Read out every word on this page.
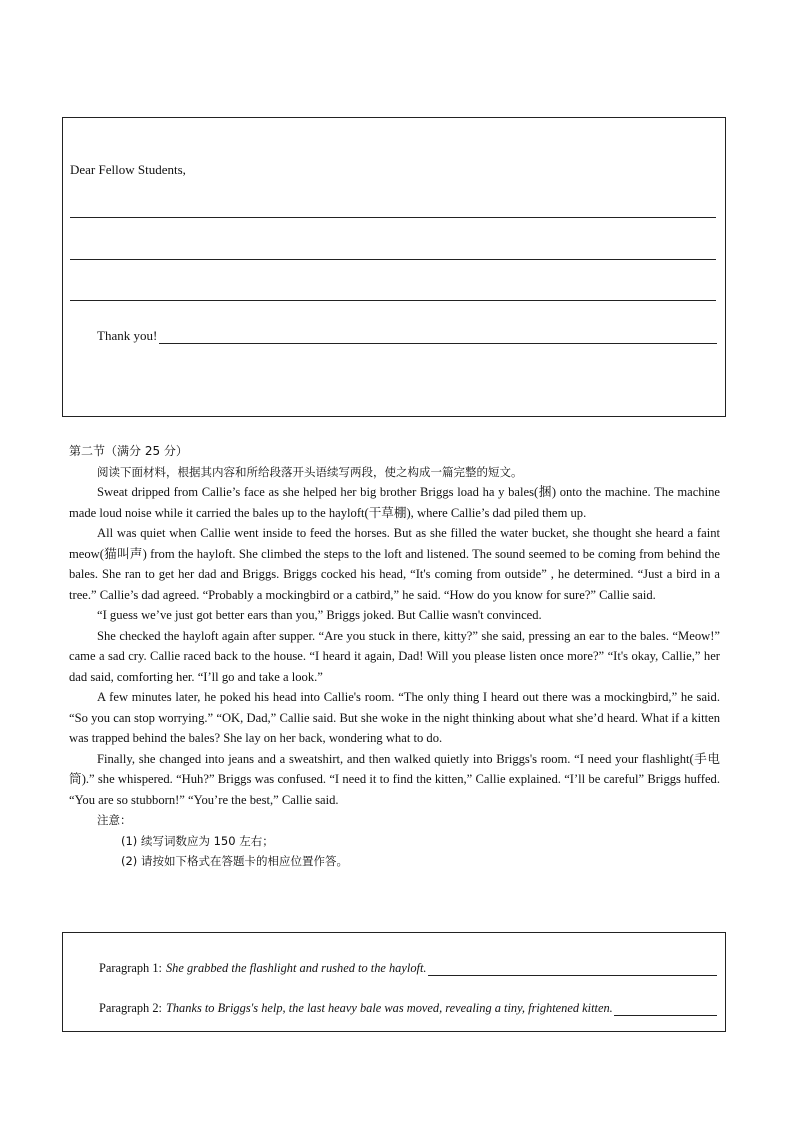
Dear Fellow Students,
Thank you!
第二节（满分 25 分）

阅读下面材料，根据其内容和所给段落开头语续写两段，使之构成一篇完整的短文。

Sweat dripped from Callie’s face as she helped her big brother Briggs load ha y bales(捆) onto the machine. The machine made loud noise while it carried the bales up to the hayloft(干草棚), where Callie’s dad piled them up.

All was quiet when Callie went inside to feed the horses. But as she filled the water bucket, she thought she heard a faint meow(猫叫声) from the hayloft. She climbed the steps to the loft and listened. The sound seemed to be coming from behind the bales. She ran to get her dad and Briggs. Briggs cocked his head, “It's coming from outside” , he determined. “Just a bird in a tree.” Callie’s dad agreed. “Probably a mockingbird or a catbird,” he said. “How do you know for sure?” Callie said.

“I guess we’ve just got better ears than you,” Briggs joked. But Callie wasn't convinced.

She checked the hayloft again after supper. “Are you stuck in there, kitty?” she said, pressing an ear to the bales. “Meow!” came a sad cry. Callie raced back to the house. “I heard it again, Dad! Will you please listen once more?” “It's okay, Callie,” her dad said, comforting her. “I’ll go and take a look.”

A few minutes later, he poked his head into Callie's room. “The only thing I heard out there was a mockingbird,” he said. “So you can stop worrying.” “OK, Dad,” Callie said. But she woke in the night thinking about what she’d heard. What if a kitten was trapped behind the bales? She lay on her back, wondering what to do.

Finally, she changed into jeans and a sweatshirt, and then walked quietly into Briggs's room. “I need your flashlight(手电筒).” she whispered. “Huh?” Briggs was confused. “I need it to find the kitten,” Callie explained. “I’ll be careful” Briggs huffed. “You are so stubborn!” “You’re the best,” Callie said.

注意：

(1) 续写词数应为 150 左右；

(2) 请按如下格式在答题卡的相应位置作答。

Paragraph 1: She grabbed the flashlight and rushed to the hayloft.
Paragraph 2: Thanks to Briggs's help, the last heavy bale was moved, revealing a tiny, frightened kitten.
